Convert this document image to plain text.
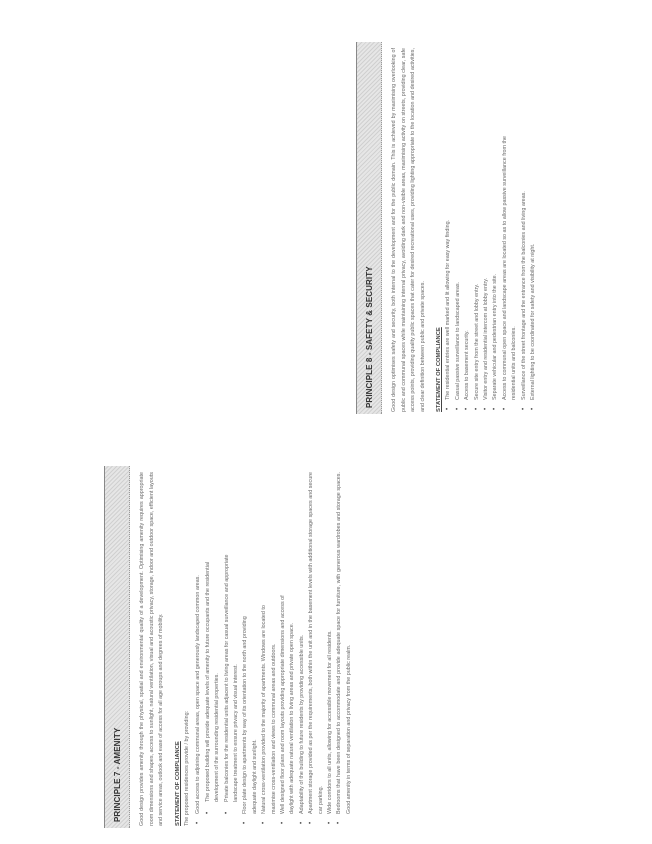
PRINCIPLE 7 - AMENITY	Good design provides amenity through the physical, spatial and environmental quality of a development. Optimising amenity requires appropriate room dimensions and shapes, access to sunlight, natural ventilation, visual and acoustic privacy, storage, indoor and outdoor space, efficient layouts and service areas, outlook and ease of access for all age groups and degrees of mobility.	STATEMENT OF COMPLIANCE The proposed residences provide / by providing: •
Good access to adjoining communal areas, open space and generously landscaped common areas. •
The proposed building will provide adequate levels of amenity to future occupants and the residential development of the surrounding residential properties.
•
Private balconies for the residential units adjacent to living areas for casual surveillance and appropriate landscape treatment to ensure privacy and visual interest.
•
Floor plate design to apartments by way of its orientation to the north and providing adequate daylight and sunlight.
•
Natural cross-ventilation provided to the majority of apartments. Windows are located to maximise cross-ventilation and views to communal areas and outdoors.
•
Well designed floor plans and room layouts providing appropriate dimensions and access of daylight with adequate natural ventilation to living areas and private open space.
•
Adaptability of the building to future residents by providing accessible units.
•
Apartment storage provided as per the requirements, both within the unit and in the basement levels with additional storage spaces and secure car parking.
•
Wide corridors to all units, allowing for accessible movement for all residents.
•
Bedrooms that have been designed to accommodate and provide adequate space for furniture, with generous wardrobes and storage spaces. Good amenity in terms of separation and privacy from the public realm.
PRINCIPLE 8 - SAFETY & SECURITY	Good design optimises safety and security, both internal to the development and for the public domain. This is achieved by maximising overlooking of public and communal spaces while maintaining internal privacy, avoiding dark and non-visible areas, maximising activity on streets, providing clear, safe access points, providing quality public spaces that cater for desired recreational uses, providing lighting appropriate to the location and desired activities, and clear definition between public and private spaces.	STATEMENT OF COMPLIANCE •
The residential entries are well marked and lit allowing for easy way finding.
•
Casual passive surveillance to landscaped areas.
•
Access to basement security.
•
Secure site entry from the street and lobby entry.
•
Visitor entry and residential intercom at lobby entry.
•
Separate vehicular and pedestrian entry into the site.
•
Access to communal open space and landscape areas are located so as to allow passive surveillance from the residential units and balconies.
•
Surveillance of the street frontage and the entrance from the balconies and living areas.
•
External lighting to be coordinated for safety and visibility at night.
